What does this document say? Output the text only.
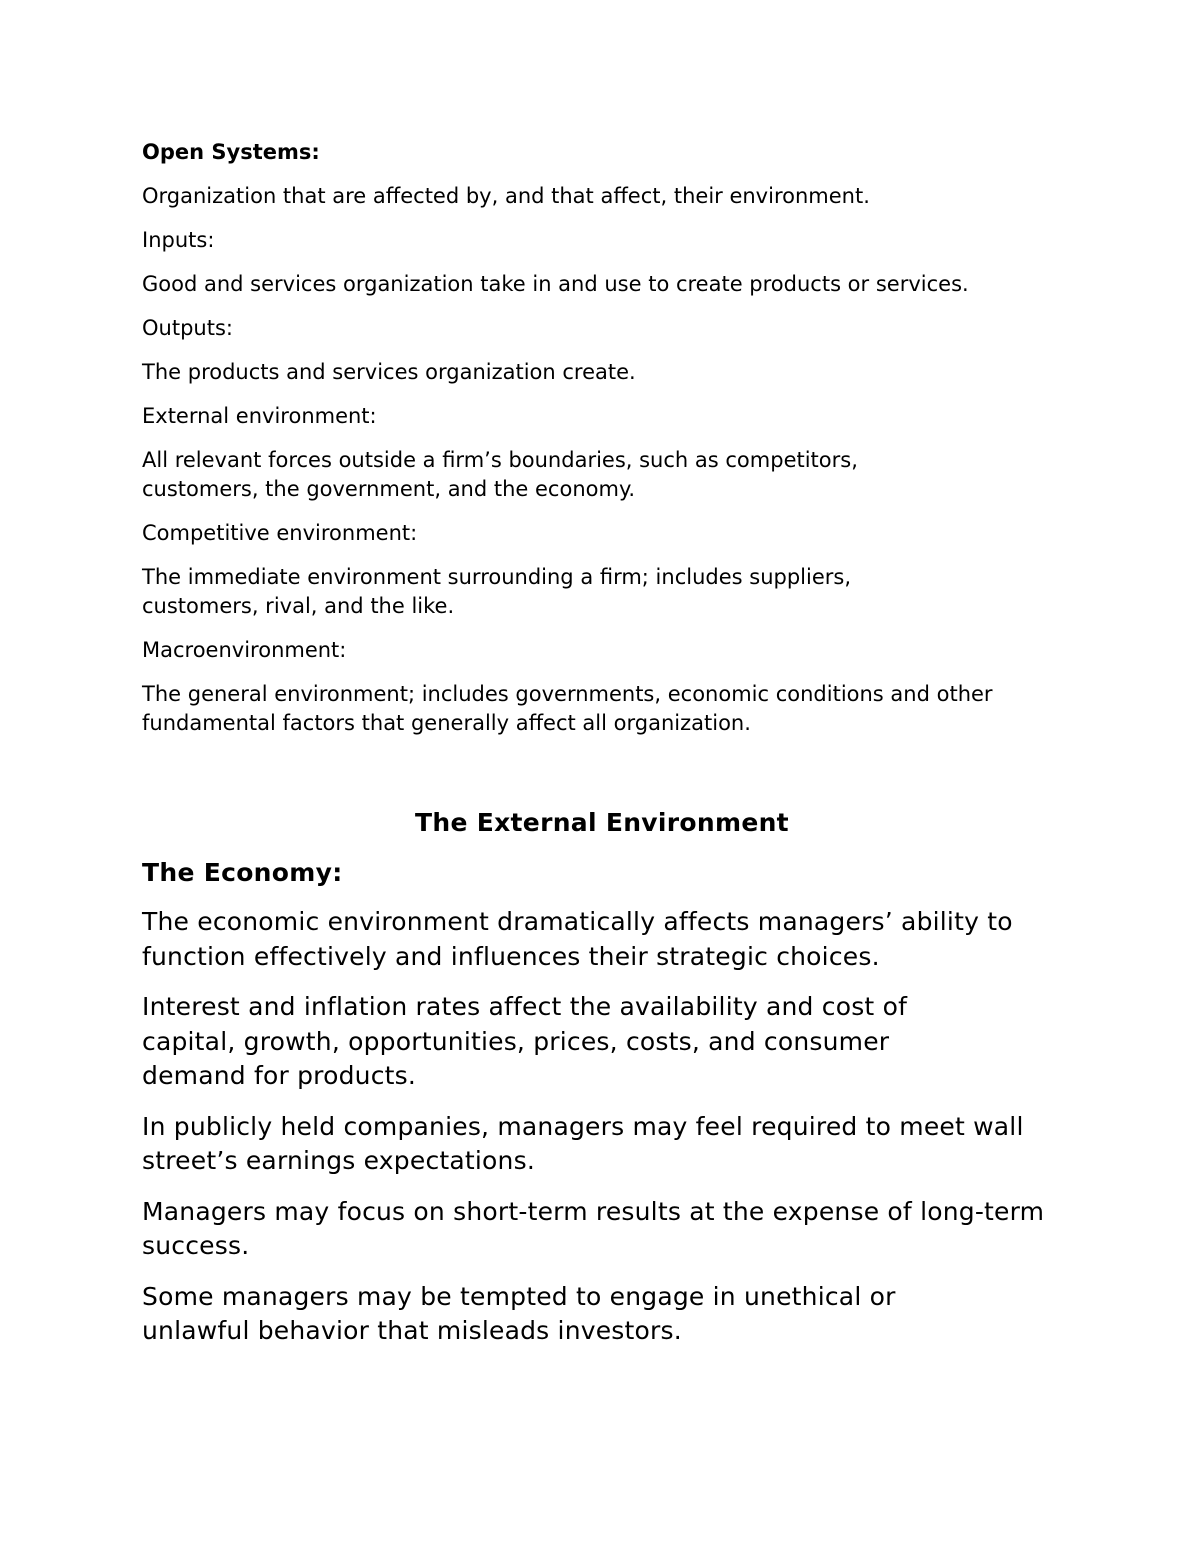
Open Systems:

Organization that are affected by, and that affect, their environment.

Inputs:

Good and services organization take in and use to create products or services.

Outputs:

The products and services organization create.

External environment:

All relevant forces outside a firm’s boundaries, such as competitors, customers, the government, and the economy.

Competitive environment:

The immediate environment surrounding a firm; includes suppliers, customers, rival, and the like.

Macroenvironment:

The general environment; includes governments, economic conditions and other fundamental factors that generally affect all organization.

The External Environment

The Economy:

The economic environment dramatically affects managers’ ability to function effectively and influences their strategic choices.

Interest and inflation rates affect the availability and cost of capital, growth, opportunities, prices, costs, and consumer demand for products.

In publicly held companies, managers may feel required to meet wall street’s earnings expectations.

Managers may focus on short-term results at the expense of long-term success.

Some managers may be tempted to engage in unethical or unlawful behavior that misleads investors.
